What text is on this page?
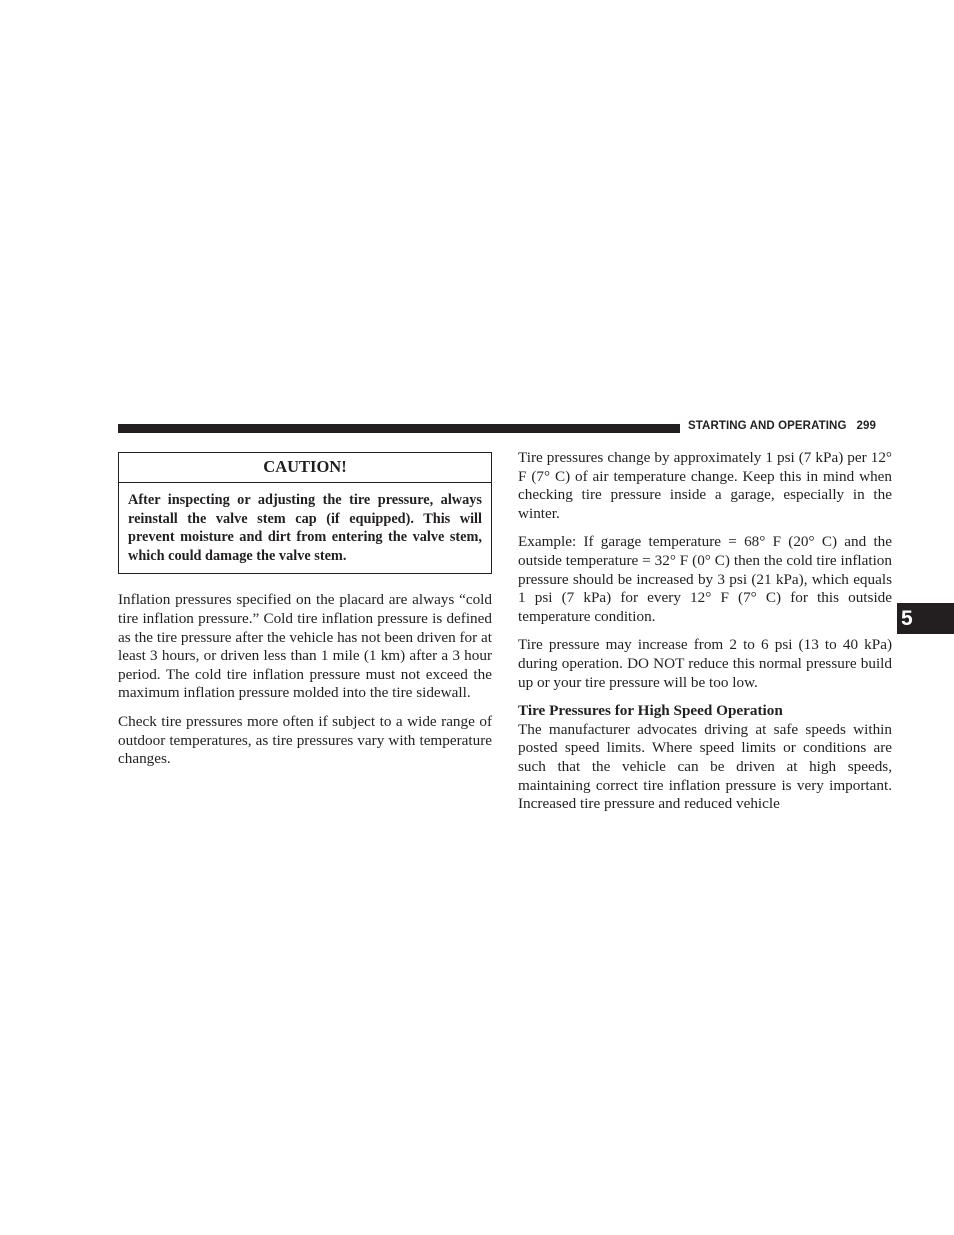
STARTING AND OPERATING 299
CAUTION!
After inspecting or adjusting the tire pressure, always reinstall the valve stem cap (if equipped). This will prevent moisture and dirt from entering the valve stem, which could damage the valve stem.

Inflation pressures specified on the placard are always “cold tire inflation pressure.” Cold tire inflation pressure is defined as the tire pressure after the vehicle has not been driven for at least 3 hours, or driven less than 1 mile (1 km) after a 3 hour period. The cold tire inflation pressure must not exceed the maximum inflation pressure molded into the tire sidewall.

Check tire pressures more often if subject to a wide range of outdoor temperatures, as tire pressures vary with temperature changes.

Tire pressures change by approximately 1 psi (7 kPa) per 12° F (7° C) of air temperature change. Keep this in mind when checking tire pressure inside a garage, especially in the winter.

Example: If garage temperature = 68° F (20° C) and the outside temperature = 32° F (0° C) then the cold tire inflation pressure should be increased by 3 psi (21 kPa), which equals 1 psi (7 kPa) for every 12° F (7° C) for this outside temperature condition.

Tire pressure may increase from 2 to 6 psi (13 to 40 kPa) during operation. DO NOT reduce this normal pressure build up or your tire pressure will be too low.

Tire Pressures for High Speed Operation

The manufacturer advocates driving at safe speeds within posted speed limits. Where speed limits or conditions are such that the vehicle can be driven at high speeds, maintaining correct tire inflation pressure is very important. Increased tire pressure and reduced vehicle

5
